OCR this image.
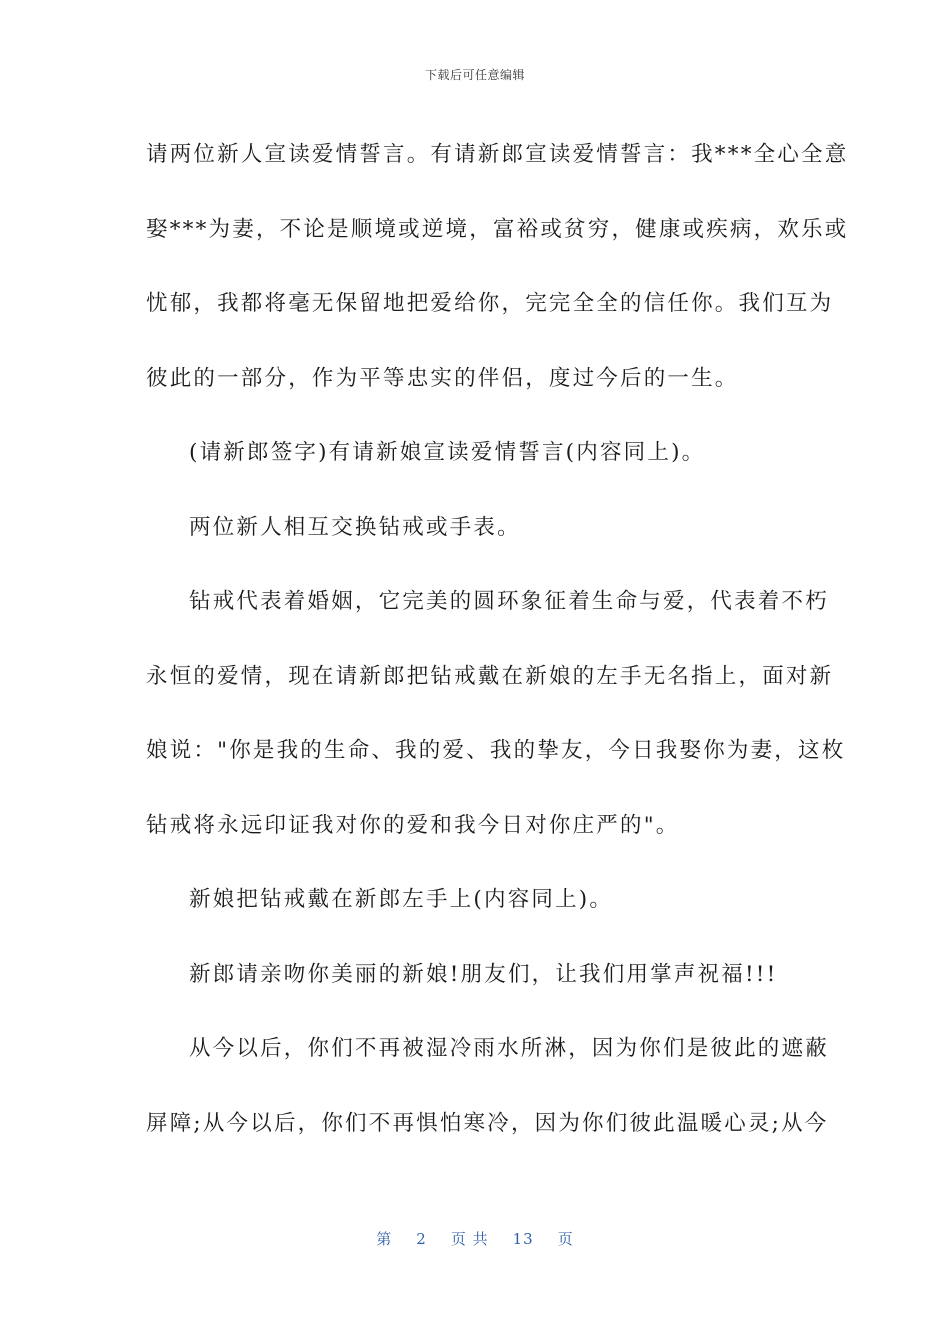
下载后可任意编辑

请两位新人宣读爱情誓言。有请新郎宣读爱情誓言：我***全心全意

娶***为妻，不论是顺境或逆境，富裕或贫穷，健康或疾病，欢乐或

忧郁，我都将毫无保留地把爱给你，完完全全的信任你。我们互为

彼此的一部分，作为平等忠实的伴侣，度过今后的一生。

(请新郎签字)有请新娘宣读爱情誓言(内容同上)。

两位新人相互交换钻戒或手表。

钻戒代表着婚姻，它完美的圆环象征着生命与爱，代表着不朽

永恒的爱情，现在请新郎把钻戒戴在新娘的左手无名指上，面对新

娘说："你是我的生命、我的爱、我的挚友，今日我娶你为妻，这枚

钻戒将永远印证我对你的爱和我今日对你庄严的"。

新娘把钻戒戴在新郎左手上(内容同上)。

新郎请亲吻你美丽的新娘!朋友们，让我们用掌声祝福!!!

从今以后，你们不再被湿冷雨水所淋，因为你们是彼此的遮蔽

屏障;从今以后，你们不再惧怕寒冷，因为你们彼此温暖心灵;从今

第 2 页 共 13 页
